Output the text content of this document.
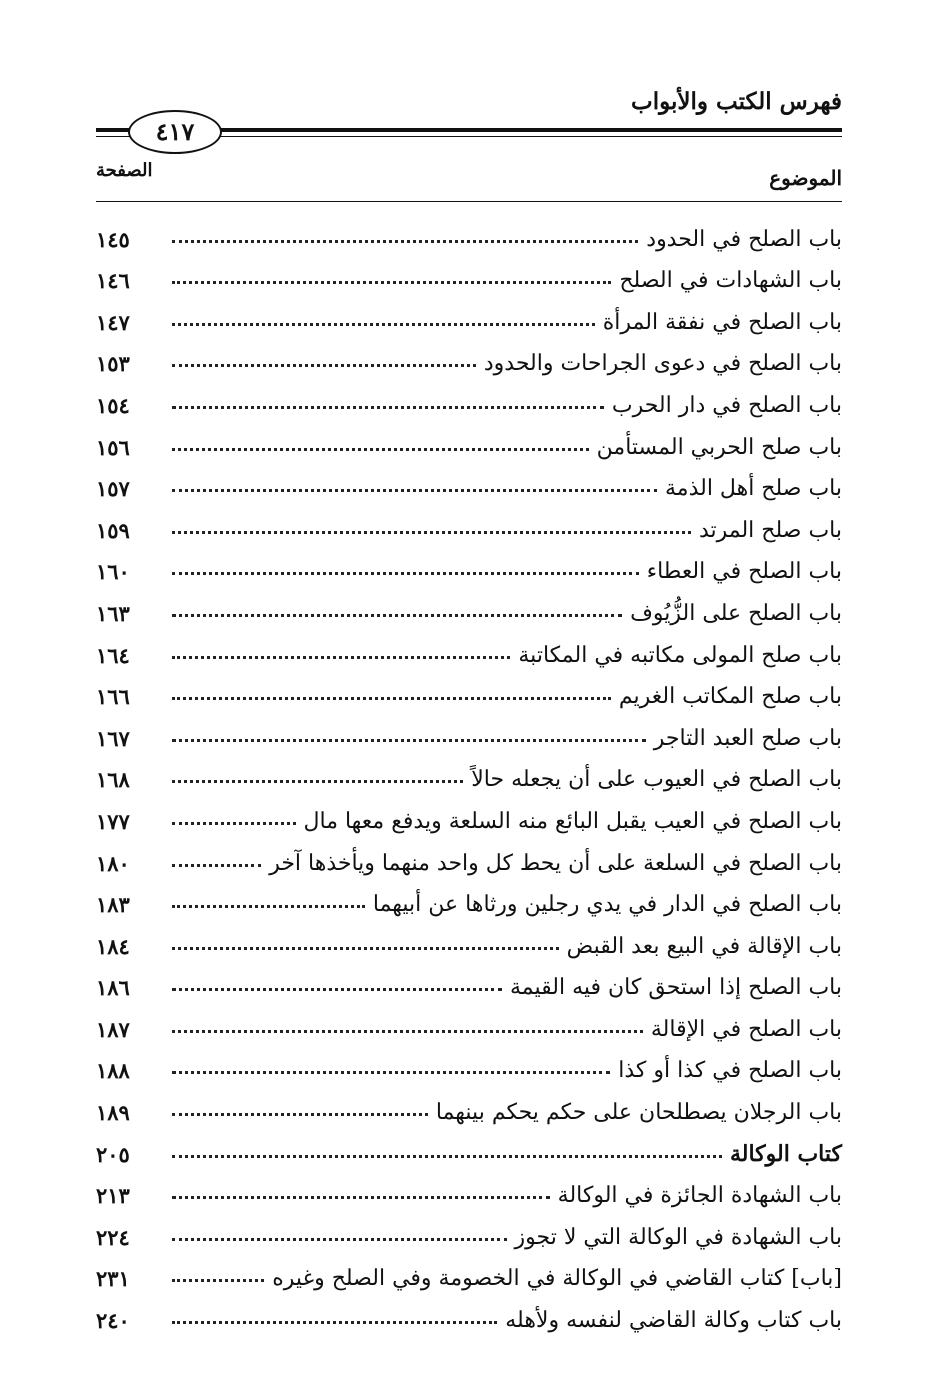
فهرس الكتب والأبواب
٤١٧
الموضوع
الصفحة
باب الصلح في الحدود
١٤٥
باب الشهادات في الصلح
١٤٦
باب الصلح في نفقة المرأة
١٤٧
باب الصلح في دعوى الجراحات والحدود
١٥٣
باب الصلح في دار الحرب
١٥٤
باب صلح الحربي المستأمن
١٥٦
باب صلح أهل الذمة
١٥٧
باب صلح المرتد
١٥٩
باب الصلح في العطاء
١٦٠
باب الصلح على الزُّيُوف
١٦٣
باب صلح المولى مكاتبه في المكاتبة
١٦٤
باب صلح المكاتب الغريم
١٦٦
باب صلح العبد التاجر
١٦٧
باب الصلح في العيوب على أن يجعله حالاً
١٦٨
باب الصلح في العيب يقبل البائع منه السلعة ويدفع معها مال
١٧٧
باب الصلح في السلعة على أن يحط كل واحد منهما ويأخذها آخر
١٨٠
باب الصلح في الدار في يدي رجلين ورثاها عن أبيهما
١٨٣
باب الإقالة في البيع بعد القبض
١٨٤
باب الصلح إذا استحق كان فيه القيمة
١٨٦
باب الصلح في الإقالة
١٨٧
باب الصلح في كذا أو كذا
١٨٨
باب الرجلان يصطلحان على حكم يحكم بينهما
١٨٩
كتاب الوكالة
٢٠٥
باب الشهادة الجائزة في الوكالة
٢١٣
باب الشهادة في الوكالة التي لا تجوز
٢٢٤
[باب] كتاب القاضي في الوكالة في الخصومة وفي الصلح وغيره
٢٣١
باب كتاب وكالة القاضي لنفسه ولأهله
٢٤٠
